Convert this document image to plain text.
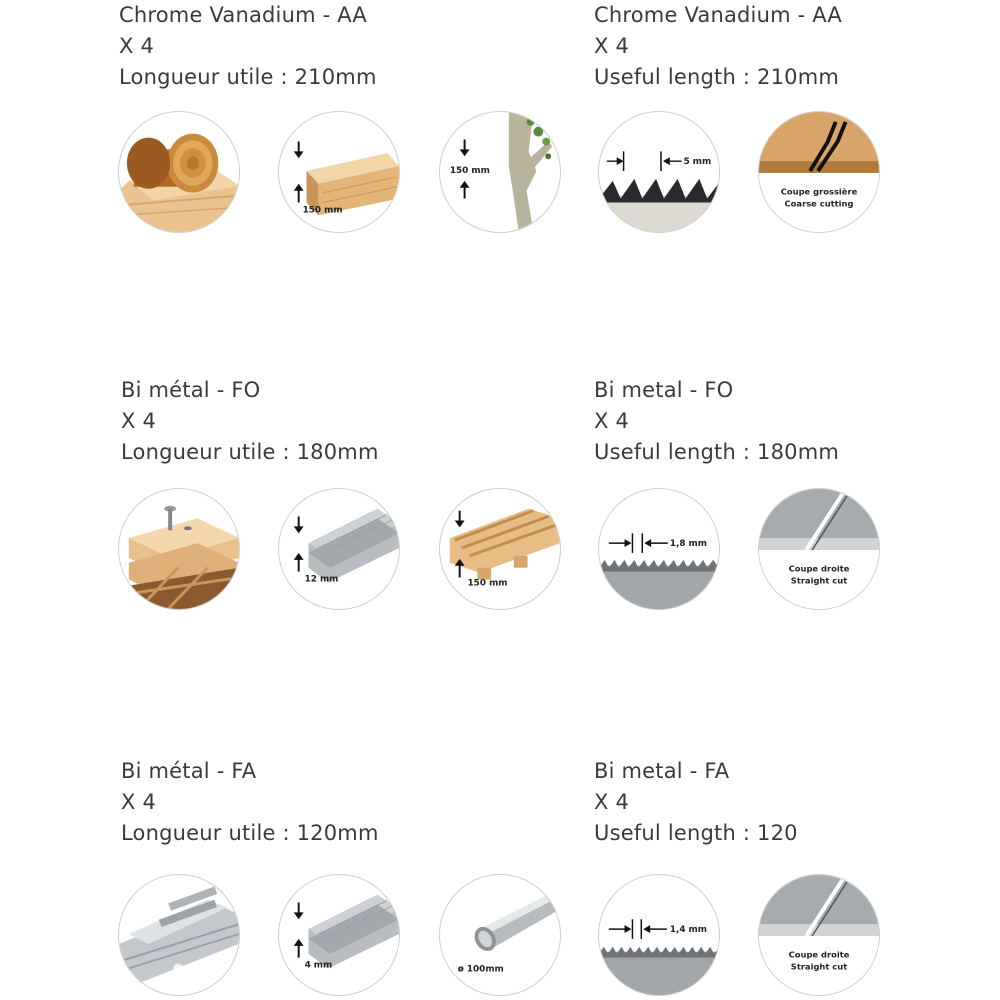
Chrome Vanadium - AA
X 4
Longueur utile : 210mm
Chrome Vanadium - AA
X 4
Useful length : 210mm
Bi métal - FO
X 4
Longueur utile : 180mm
Bi metal - FO
X 4
Useful length : 180mm
Bi métal - FA
X 4
Longueur utile : 120mm
Bi metal - FA
X 4
Useful length : 120
150 mm
150 mm
5 mm
Coupe grossière
Coarse cutting
12 mm	150 mm
1,8 mm
Coupe droite
Straight cut
4 mm	ø 100mm
1,4 mm
Coupe droite
Straight cut
